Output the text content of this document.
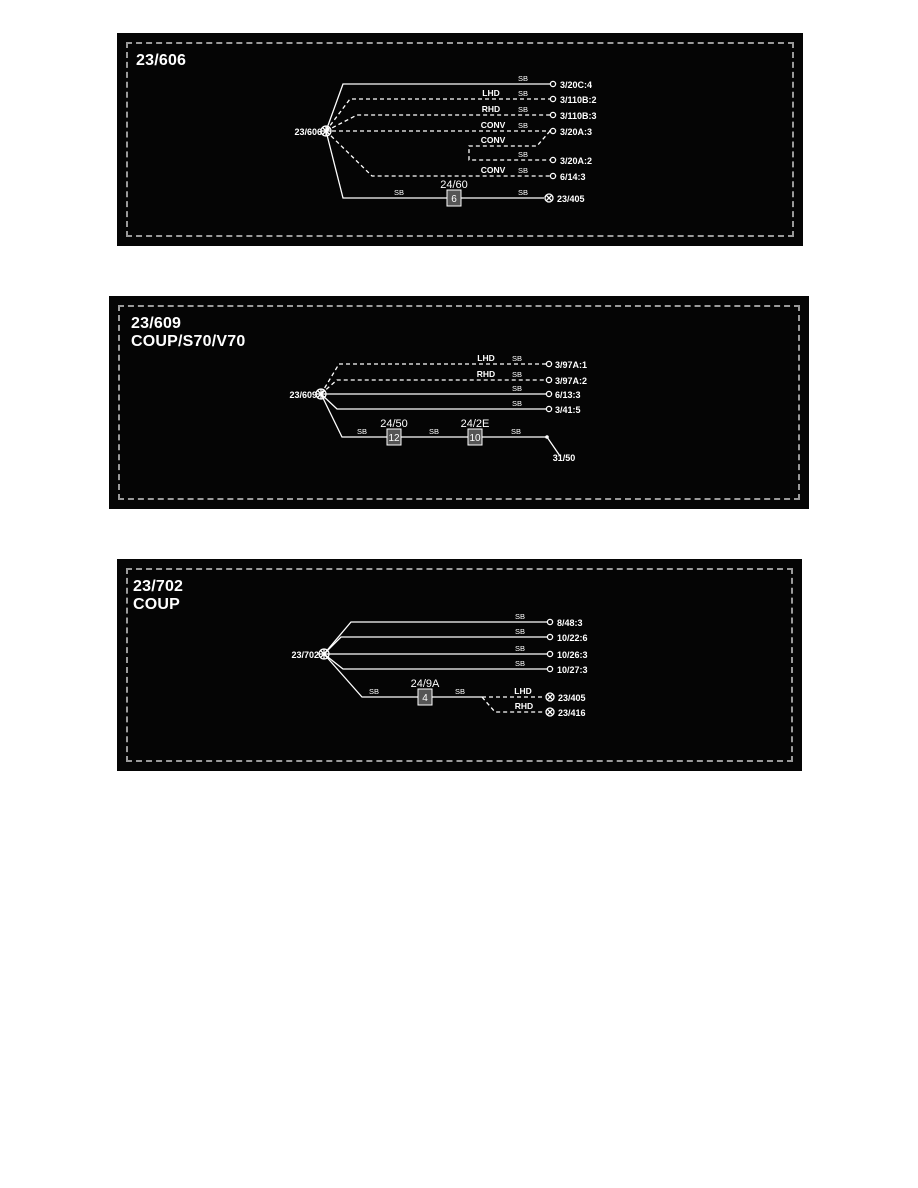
23/606
6
24/60
23/606
SB
LHD SB
RHD SB
CONV SB
CONV
SB
CONV SB
SB	SB
3/20C:4
3/110B:2
3/110B:3
3/20A:3
3/20A:2
6/14:3
23/405
23/609
COUP/S70/V70
12
24/50
10
24/2E
23/609
LHD SB
RHD SB
SB
SB
SB	SB	SB
31/50
3/97A:1
3/97A:2
6/13:3
3/41:5
23/702
COUP
4
24/9A
23/702
SB
SB
SB
SB
SB	SB	LHD
RHD
8/48:3
10/22:6
10/26:3
10/27:3
23/405
23/416
